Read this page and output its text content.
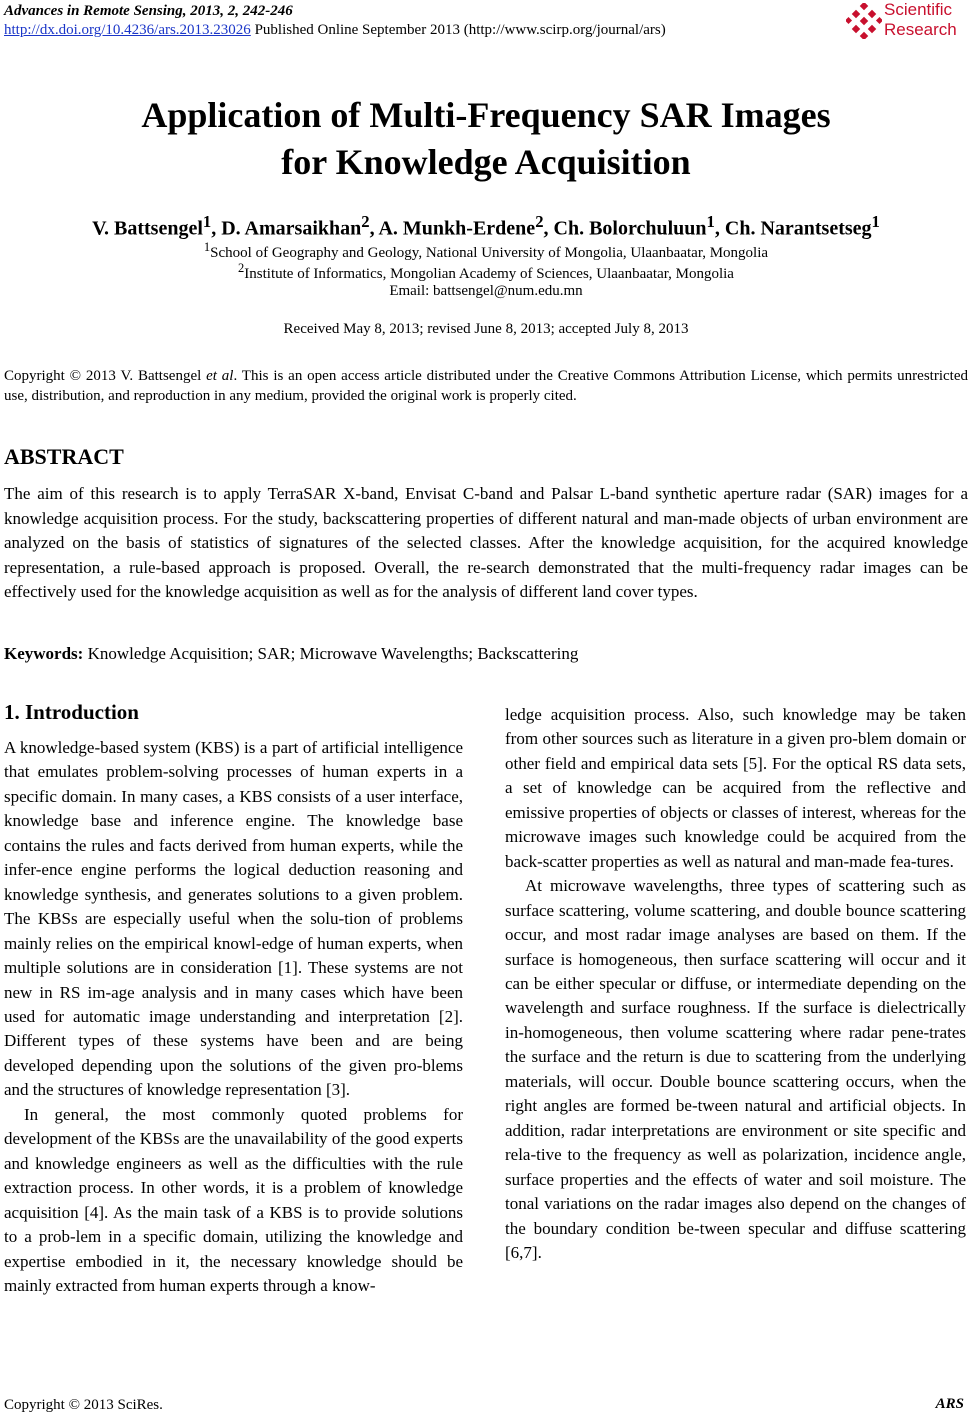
Advances in Remote Sensing, 2013, 2, 242-246
http://dx.doi.org/10.4236/ars.2013.23026 Published Online September 2013 (http://www.scirp.org/journal/ars)
Scientific
Research
Application of Multi-Frequency SAR Images
for Knowledge Acquisition
V. Battsengel$^1$, D. Amarsaikhan$^2$, A. Munkh-Erdene$^2$, Ch. Bolorchuluun$^1$, Ch. Narantsetseg$^1$
$^1$School of Geography and Geology, National University of Mongolia, Ulaanbaatar, Mongolia
$^2$Institute of Informatics, Mongolian Academy of Sciences, Ulaanbaatar, Mongolia
Email: battsengel@num.edu.mn
Received May 8, 2013; revised June 8, 2013; accepted July 8, 2013
Copyright © 2013 V. Battsengel et al. This is an open access article distributed under the Creative Commons Attribution License, which permits unrestricted use, distribution, and reproduction in any medium, provided the original work is properly cited.
ABSTRACT
The aim of this research is to apply TerraSAR X-band, Envisat C-band and Palsar L-band synthetic aperture radar (SAR) images for a knowledge acquisition process. For the study, backscattering properties of different natural and man-made objects of urban environment are analyzed on the basis of statistics of signatures of the selected classes. After the knowledge acquisition, for the acquired knowledge representation, a rule-based approach is proposed. Overall, the re-search demonstrated that the multi-frequency radar images can be effectively used for the knowledge acquisition as well as for the analysis of different land cover types.
Keywords: Knowledge Acquisition; SAR; Microwave Wavelengths; Backscattering
1. Introduction

A knowledge-based system (KBS) is a part of artificial intelligence that emulates problem-solving processes of human experts in a specific domain. In many cases, a KBS consists of a user interface, knowledge base and inference engine. The knowledge base contains the rules and facts derived from human experts, while the infer-ence engine performs the logical deduction reasoning and knowledge synthesis, and generates solutions to a given problem. The KBSs are especially useful when the solu-tion of problems mainly relies on the empirical knowl-edge of human experts, when multiple solutions are in consideration [1]. These systems are not new in RS im-age analysis and in many cases which have been used for automatic image understanding and interpretation [2]. Different types of these systems have been and are being developed depending upon the solutions of the given pro-blems and the structures of knowledge representation [3].

In general, the most commonly quoted problems for development of the KBSs are the unavailability of the good experts and knowledge engineers as well as the difficulties with the rule extraction process. In other words, it is a problem of knowledge acquisition [4]. As the main task of a KBS is to provide solutions to a prob-lem in a specific domain, utilizing the knowledge and expertise embodied in it, the necessary knowledge should be mainly extracted from human experts through a know-

ledge acquisition process. Also, such knowledge may be taken from other sources such as literature in a given pro-blem domain or other field and empirical data sets [5]. For the optical RS data sets, a set of knowledge can be acquired from the reflective and emissive properties of objects or classes of interest, whereas for the microwave images such knowledge could be acquired from the back-scatter properties as well as natural and man-made fea-tures.

At microwave wavelengths, three types of scattering such as surface scattering, volume scattering, and double bounce scattering occur, and most radar image analyses are based on them. If the surface is homogeneous, then surface scattering will occur and it can be either specular or diffuse, or intermediate depending on the wavelength and surface roughness. If the surface is dielectrically in-homogeneous, then volume scattering where radar pene-trates the surface and the return is due to scattering from the underlying materials, will occur. Double bounce scattering occurs, when the right angles are formed be-tween natural and artificial objects. In addition, radar interpretations are environment or site specific and rela-tive to the frequency as well as polarization, incidence angle, surface properties and the effects of water and soil moisture. The tonal variations on the radar images also depend on the changes of the boundary condition be-tween specular and diffuse scattering [6,7].

Copyright © 2013 SciRes.	ARS
